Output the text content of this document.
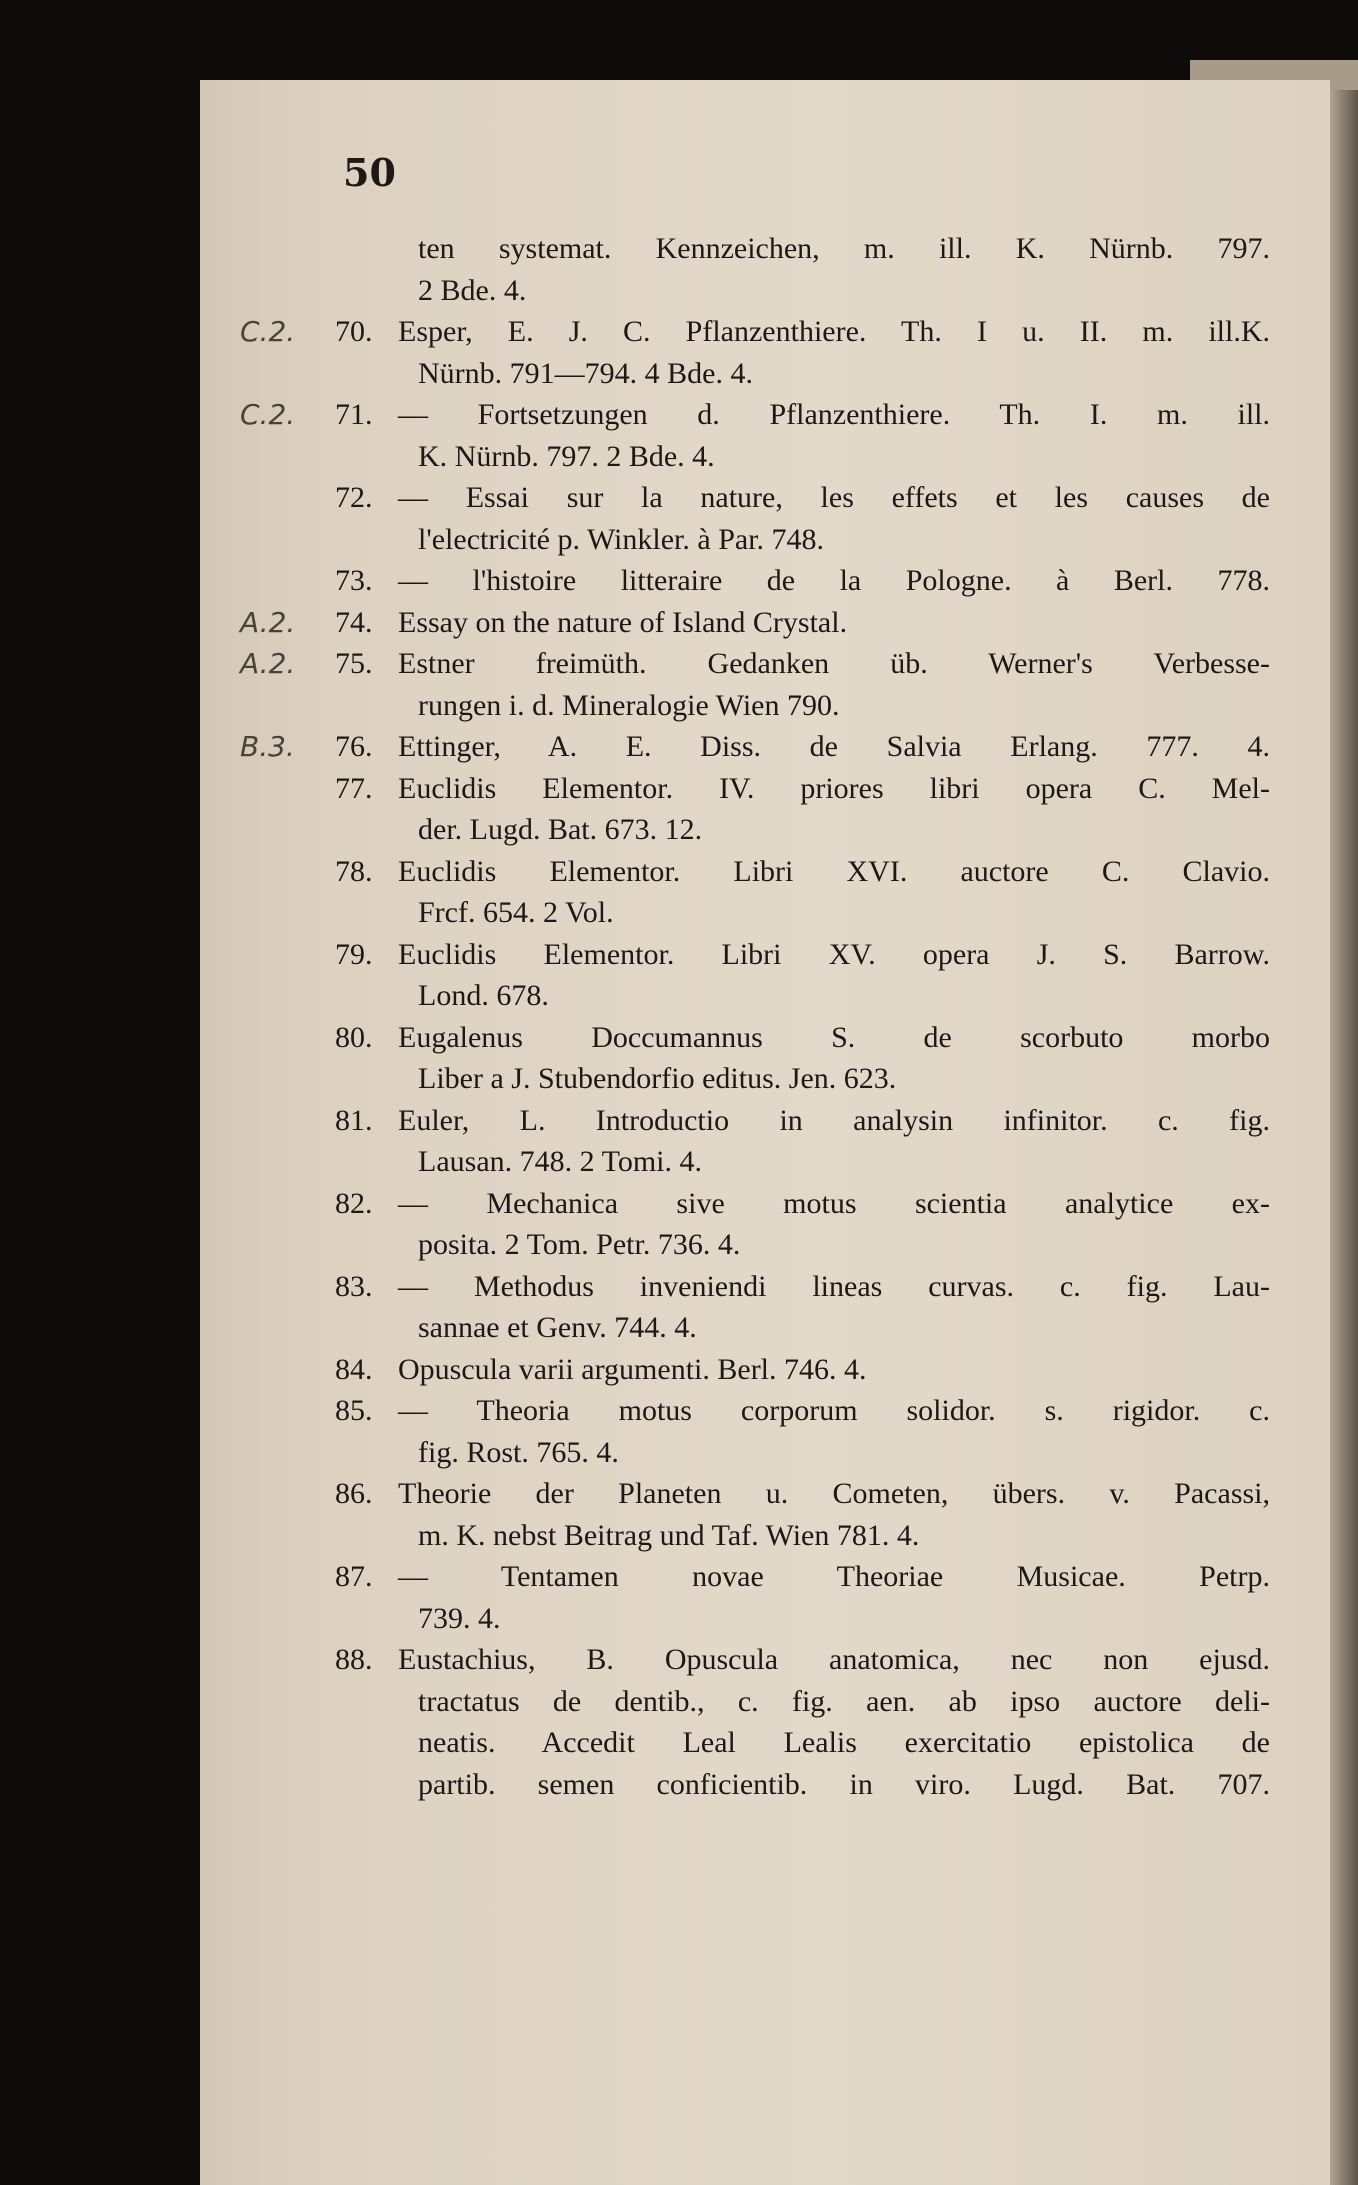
50
ten systemat. Kennzeichen, m. ill. K. Nürnb. 797.
2 Bde. 4.
C.2.	70. Esper, E. J. C. Pflanzenthiere. Th. I u. II. m. ill.K.
Nürnb. 791—794. 4 Bde. 4.
C.2.	71. — Fortsetzungen d. Pflanzenthiere. Th. I. m. ill.
K. Nürnb. 797. 2 Bde. 4.
72. — Essai sur la nature, les effets et les causes de
l'electricité p. Winkler. à Par. 748.
73. — l'histoire litteraire de la Pologne. à Berl. 778.
A.2.	74. Essay on the nature of Island Crystal.
A.2.	75. Estner freimüth. Gedanken üb. Werner's Verbesse-
rungen i. d. Mineralogie Wien 790.
B.3.	76. Ettinger, A. E. Diss. de Salvia Erlang. 777. 4.
77. Euclidis Elementor. IV. priores libri opera C. Mel-
der. Lugd. Bat. 673. 12.
78. Euclidis Elementor. Libri XVI. auctore C. Clavio.
Frcf. 654. 2 Vol.
79. Euclidis Elementor. Libri XV. opera J. S. Barrow.
Lond. 678.
80. Eugalenus Doccumannus S. de scorbuto morbo
Liber a J. Stubendorfio editus. Jen. 623.
81. Euler, L. Introductio in analysin infinitor. c. fig.
Lausan. 748. 2 Tomi. 4.
82. — Mechanica sive motus scientia analytice ex-
posita. 2 Tom. Petr. 736. 4.
83. — Methodus inveniendi lineas curvas. c. fig. Lau-
sannae et Genv. 744. 4.
84. Opuscula varii argumenti. Berl. 746. 4.
85. — Theoria motus corporum solidor. s. rigidor. c.
fig. Rost. 765. 4.
86. Theorie der Planeten u. Cometen, übers. v. Pacassi,
m. K. nebst Beitrag und Taf. Wien 781. 4.
87. — Tentamen novae Theoriae Musicae. Petrp.
739. 4.
88. Eustachius, B. Opuscula anatomica, nec non ejusd.
tractatus de dentib., c. fig. aen. ab ipso auctore deli-
neatis. Accedit Leal Lealis exercitatio epistolica de
partib. semen conficientib. in viro. Lugd. Bat. 707.
